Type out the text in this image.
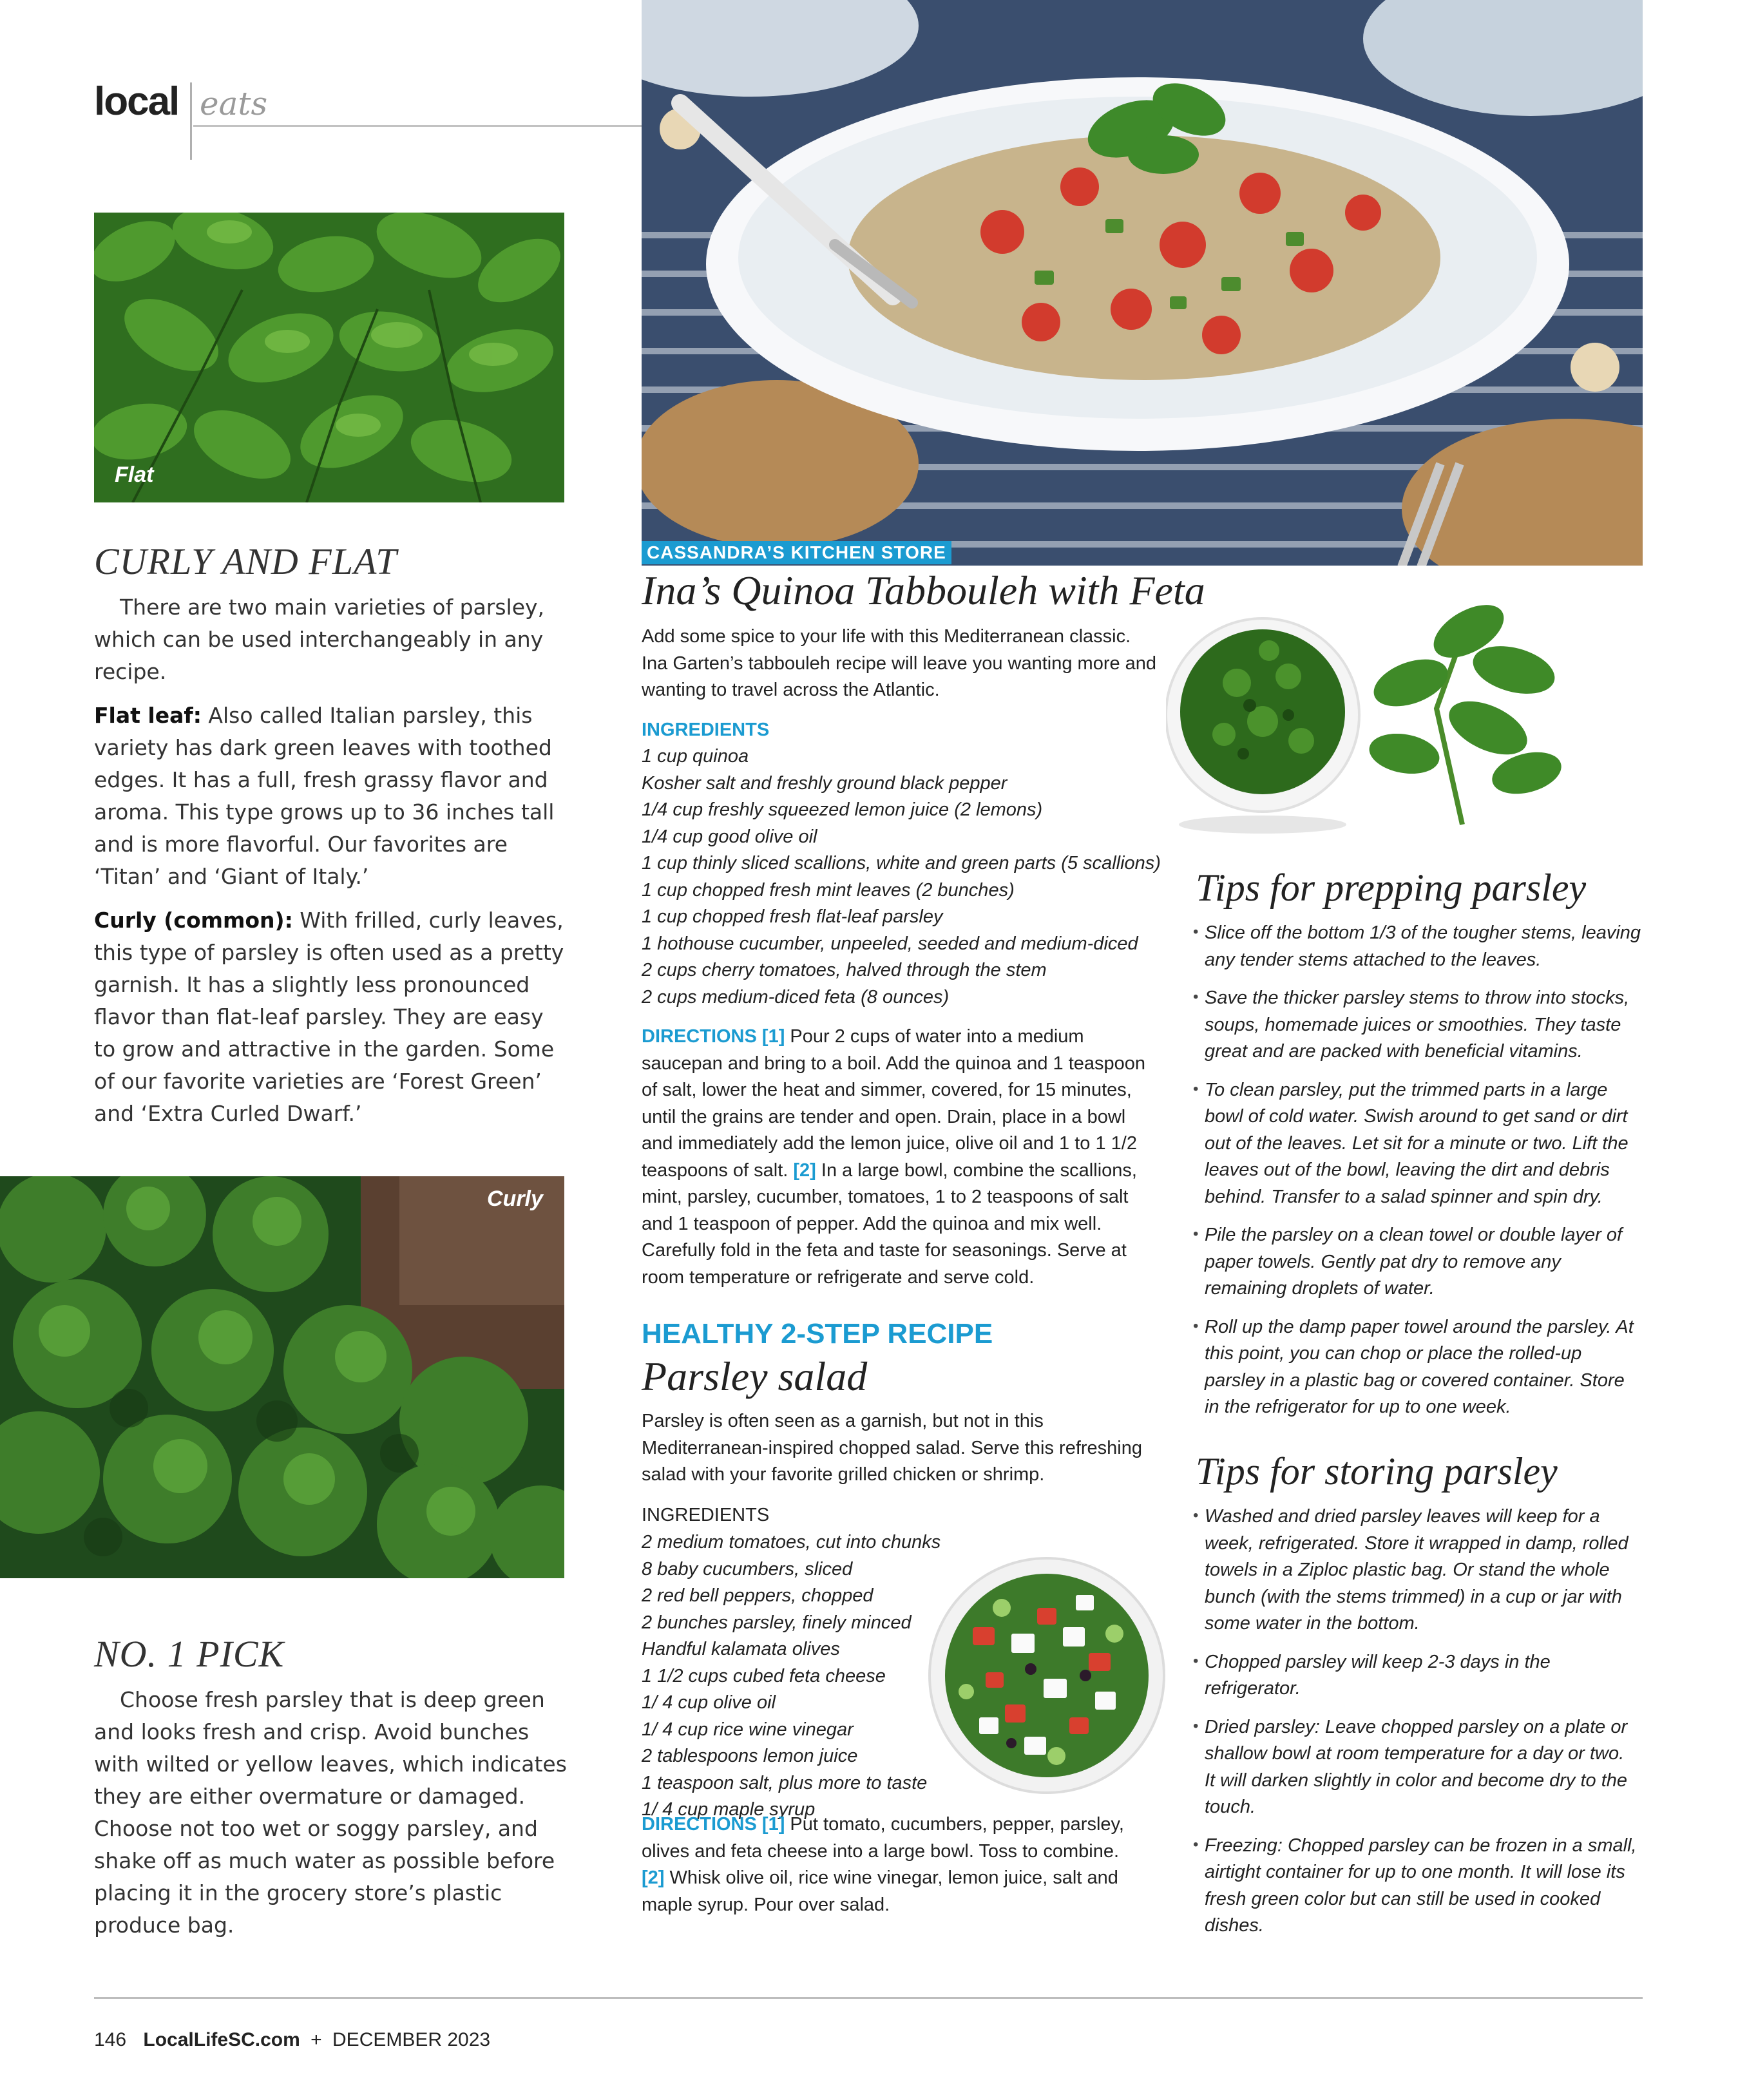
local eats
Flat
CURLY AND FLAT

There are two main varieties of parsley, which can be used interchangeably in any recipe.

Flat leaf: Also called Italian parsley, this variety has dark green leaves with toothed edges. It has a full, fresh grassy flavor and aroma. This type grows up to 36 inches tall and is more flavorful. Our favorites are ‘Titan’ and ‘Giant of Italy.’

Curly (common): With frilled, curly leaves, this type of parsley is often used as a pretty garnish. It has a slightly less pronounced flavor than flat-leaf parsley. They are easy to grow and attractive in the garden. Some of our favorite varieties are ‘Forest Green’ and ‘Extra Curled Dwarf.’

Curly
NO. 1 PICK

Choose fresh parsley that is deep green and looks fresh and crisp. Avoid bunches with wilted or yellow leaves, which indicates they are either overmature or damaged. Choose not too wet or soggy parsley, and shake off as much water as possible before placing it in the grocery store’s plastic produce bag.

CASSANDRA’S KITCHEN STORE
Ina’s Quinoa Tabbouleh with Feta
Add some spice to your life with this Mediterranean classic. Ina Garten’s tabbouleh recipe will leave you wanting more and wanting to travel across the Atlantic.
INGREDIENTS
1 cup quinoa
Kosher salt and freshly ground black pepper
1/4 cup freshly squeezed lemon juice (2 lemons)
1/4 cup good olive oil
1 cup thinly sliced scallions, white and green parts (5 scallions)
1 cup chopped fresh mint leaves (2 bunches)
1 cup chopped fresh flat-leaf parsley
1 hothouse cucumber, unpeeled, seeded and medium-diced
2 cups cherry tomatoes, halved through the stem
2 cups medium-diced feta (8 ounces)
DIRECTIONS [1] Pour 2 cups of water into a medium saucepan and bring to a boil. Add the quinoa and 1 teaspoon of salt, lower the heat and simmer, covered, for 15 minutes, until the grains are tender and open. Drain, place in a bowl and immediately add the lemon juice, olive oil and 1 to 1 1/2 teaspoons of salt. [2] In a large bowl, combine the scallions, mint, parsley, cucumber, tomatoes, 1 to 2 teaspoons of salt and 1 teaspoon of pepper. Add the quinoa and mix well. Carefully fold in the feta and taste for seasonings. Serve at room temperature or refrigerate and serve cold.
HEALTHY 2-STEP RECIPE
Parsley salad
Parsley is often seen as a garnish, but not in this Mediterranean-inspired chopped salad. Serve this refreshing salad with your favorite grilled chicken or shrimp.
INGREDIENTS
2 medium tomatoes, cut into chunks
8 baby cucumbers, sliced
2 red bell peppers, chopped
2 bunches parsley, finely minced
Handful kalamata olives
1 1/2 cups cubed feta cheese
1/ 4 cup olive oil
1/ 4 cup rice wine vinegar
2 tablespoons lemon juice
1 teaspoon salt, plus more to taste
1/ 4 cup maple syrup
DIRECTIONS [1] Put tomato, cucumbers, pepper, parsley, olives and feta cheese into a large bowl. Toss to combine. [2] Whisk olive oil, rice wine vinegar, lemon juice, salt and maple syrup. Pour over salad.
Tips for prepping parsley
• Slice off the bottom 1/3 of the tougher stems, leaving any tender stems attached to the leaves.
• Save the thicker parsley stems to throw into stocks, soups, homemade juices or smoothies. They taste great and are packed with beneficial vitamins.
• To clean parsley, put the trimmed parts in a large bowl of cold water. Swish around to get sand or dirt out of the leaves. Let sit for a minute or two. Lift the leaves out of the bowl, leaving the dirt and debris behind. Transfer to a salad spinner and spin dry.
• Pile the parsley on a clean towel or double layer of paper towels. Gently pat dry to remove any remaining droplets of water.
• Roll up the damp paper towel around the parsley. At this point, you can chop or place the rolled-up parsley in a plastic bag or covered container. Store in the refrigerator for up to one week.
Tips for storing parsley
• Washed and dried parsley leaves will keep for a week, refrigerated. Store it wrapped in damp, rolled towels in a Ziploc plastic bag. Or stand the whole bunch (with the stems trimmed) in a cup or jar with some water in the bottom.
• Chopped parsley will keep 2-3 days in the refrigerator.
• Dried parsley: Leave chopped parsley on a plate or shallow bowl at room temperature for a day or two. It will darken slightly in color and become dry to the touch.
• Freezing: Chopped parsley can be frozen in a small, airtight container for up to one month. It will lose its fresh green color but can still be used in cooked dishes.
146 LocalLifeSC.com + DECEMBER 2023
